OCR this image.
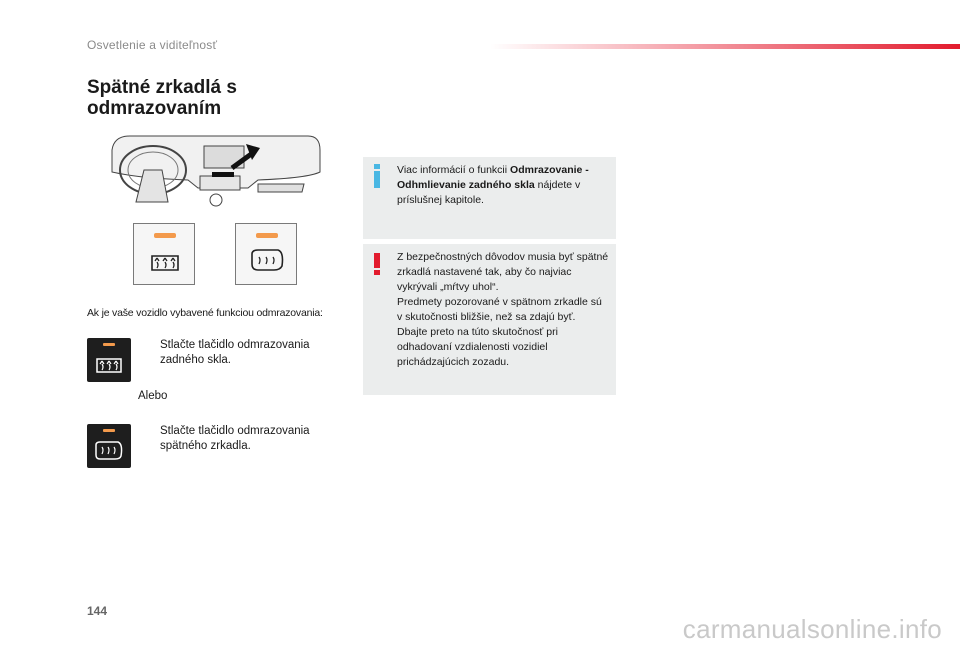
Osvetlenie a viditeľnosť
Spätné zrkadlá s
odmrazovaním
Ak je vaše vozidlo vybavené funkciou odmrazovania:
Stlačte tlačidlo odmrazovania zadného skla.
Alebo
Stlačte tlačidlo odmrazovania spätného zrkadla.
Viac informácií o funkcii Odmrazovanie - Odhmlievanie zadného skla nájdete v príslušnej kapitole.
Z bezpečnostných dôvodov musia byť spätné zrkadlá nastavené tak, aby čo najviac vykrývali „mŕtvy uhol“.
Predmety pozorované v spätnom zrkadle sú v skutočnosti bližšie, než sa zdajú byť.
Dbajte preto na túto skutočnosť pri odhadovaní vzdialenosti vozidiel prichádzajúcich zozadu.
144
carmanualsonline.info
